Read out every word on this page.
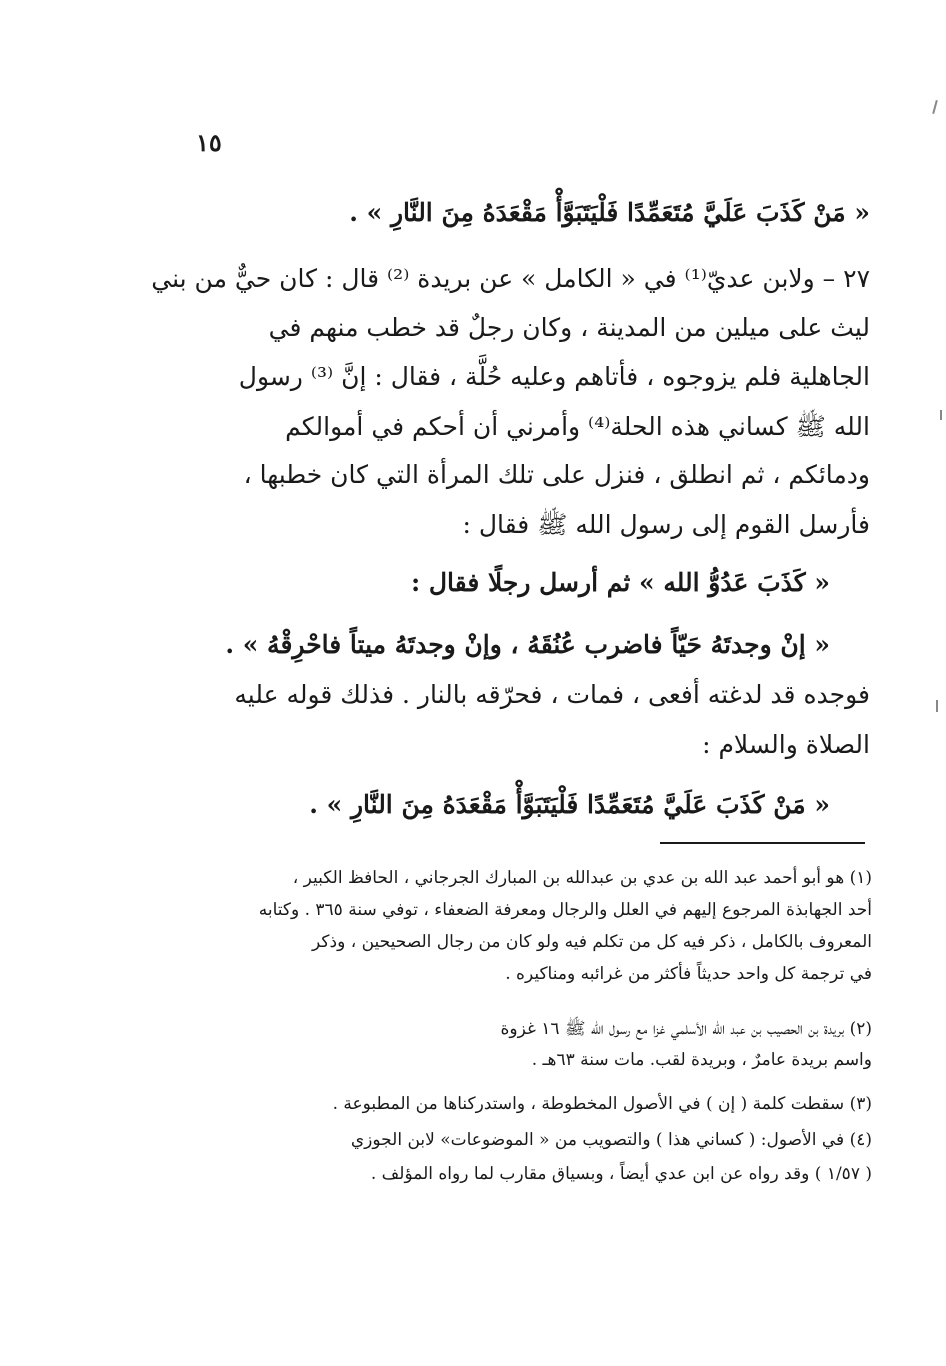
١٥
« مَنْ كَذَبَ عَلَيَّ مُتَعَمِّدًا فَلْيَتَبَوَّأْ مَقْعَدَهُ مِنَ النَّارِ » .
٢٧ – ولابن عديّ⁽¹⁾ في « الكامل » عن بريدة ⁽²⁾ قال : كان حيٌّ من بني
ليث على ميلين من المدينة ، وكان رجلٌ قد خطب منهم في
الجاهلية فلم يزوجوه ، فأتاهم وعليه حُلَّة ، فقال : إنَّ ⁽³⁾ رسول
الله ﷺ كساني هذه الحلة⁽⁴⁾ وأمرني أن أحكم في أموالكم
ودمائكم ، ثم انطلق ، فنزل على تلك المرأة التي كان خطبها ،
فأرسل القوم إلى رسول الله ﷺ فقال :
« كَذَبَ عَدُوُّ الله » ثم أرسل رجلًا فقال :
« إنْ وجدتَهُ حَيّاً فاضرب عُنُقَهُ ، وإنْ وجدتَهُ ميتاً فاحْرِقْهُ » .
فوجده قد لدغته أفعى ، فمات ، فحرّقه بالنار . فذلك قوله عليه
الصلاة والسلام :
« مَنْ كَذَبَ عَلَيَّ مُتَعَمِّدًا فَلْيَتَبَوَّأْ مَقْعَدَهُ مِنَ النَّارِ » .
(١) هو أبو أحمد عبد الله بن عدي بن عبدالله بن المبارك الجرجاني ، الحافظ الكبير ،
أحد الجهابذة المرجوع إليهم في العلل والرجال ومعرفة الضعفاء ، توفي سنة ٣٦٥ . وكتابه
المعروف بالكامل ، ذكر فيه كل من تكلم فيه ولو كان من رجال الصحيحين ، وذكر
في ترجمة كل واحد حديثاً فأكثر من غرائبه ومناكيره .
(٢) بريدة بن الحصيب بن عبد الله الأسلمي غزا مع رسول الله ﷺ ١٦ غزوة
واسم بريدة عامرٌ ، وبريدة لقب. مات سنة ٦٣هـ .
(٣) سقطت كلمة ( إن ) في الأصول المخطوطة ، واستدركناها من المطبوعة .
(٤) في الأصول: ( كساني هذا ) والتصويب من « الموضوعات» لابن الجوزي
( ١/٥٧ ) وقد رواه عن ابن عدي أيضاً ، وبسياق مقارب لما رواه المؤلف .
